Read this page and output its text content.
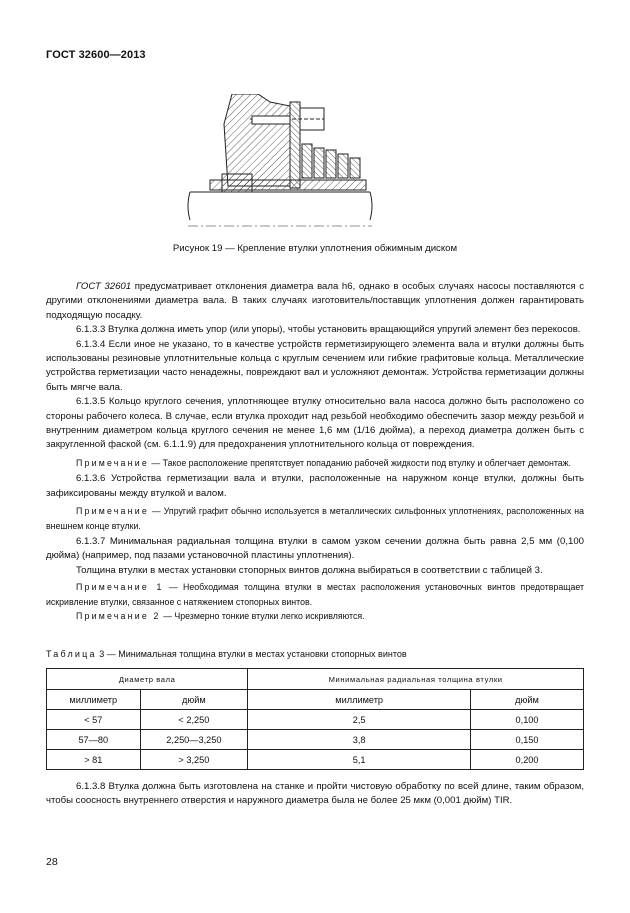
ГОСТ 32600—2013
Рисунок 19 — Крепление втулки уплотнения обжимным диском

ГОСТ 32601 предусматривает отклонения диаметра вала h6, однако в особых случаях насосы поставляются с другими отклонениями диаметра вала. В таких случаях изготовитель/поставщик уплотнения должен гарантировать подходящую посадку.

6.1.3.3 Втулка должна иметь упор (или упоры), чтобы установить вращающийся упругий элемент без перекосов.

6.1.3.4 Если иное не указано, то в качестве устройств герметизирующего элемента вала и втулки должны быть использованы резиновые уплотнительные кольца с круглым сечением или гибкие графитовые кольца. Металлические устройства герметизации часто ненадежны, повреждают вал и усложняют демонтаж. Устройства герметизации должны быть мягче вала.

6.1.3.5 Кольцо круглого сечения, уплотняющее втулку относительно вала насоса должно быть расположено со стороны рабочего колеса. В случае, если втулка проходит над резьбой необходимо обеспечить зазор между резьбой и внутренним диаметром кольца круглого сечения не менее 1,6 мм (1/16 дюйма), а переход диаметра должен быть с закругленной фаской (см. 6.1.1.9) для предохранения уплотнительного кольца от повреждения.

Примечание — Такое расположение препятствует попаданию рабочей жидкости под втулку и облегчает демонтаж.

6.1.3.6 Устройства герметизации вала и втулки, расположенные на наружном конце втулки, должны быть зафиксированы между втулкой и валом.

Примечание — Упругий графит обычно используется в металлических сильфонных уплотнениях, расположенных на внешнем конце втулки.

6.1.3.7 Минимальная радиальная толщина втулки в самом узком сечении должна быть равна 2,5 мм (0,100 дюйма) (например, под пазами установочной пластины уплотнения).

Толщина втулки в местах установки стопорных винтов должна выбираться в соответствии с таблицей 3.

Примечание 1 — Необходимая толщина втулки в местах расположения установочных винтов предотвращает искривление втулки, связанное с натяжением стопорных винтов.

Примечание 2 — Чрезмерно тонкие втулки легко искривляются.

Таблица 3 — Минимальная толщина втулки в местах установки стопорных винтов
Диаметр вала		Минимальная радиальная толщина втулки	
миллиметр	дюйм	миллиметр	дюйм
< 57	< 2,250	2,5	0,100
57—80	2,250—3,250	3,8	0,150
> 81	> 3,250	5,1	0,200

6.1.3.8 Втулка должна быть изготовлена на станке и пройти чистовую обработку по всей длине, таким образом, чтобы соосность внутреннего отверстия и наружного диаметра была не более 25 мкм (0,001 дюйм) TIR.

28
